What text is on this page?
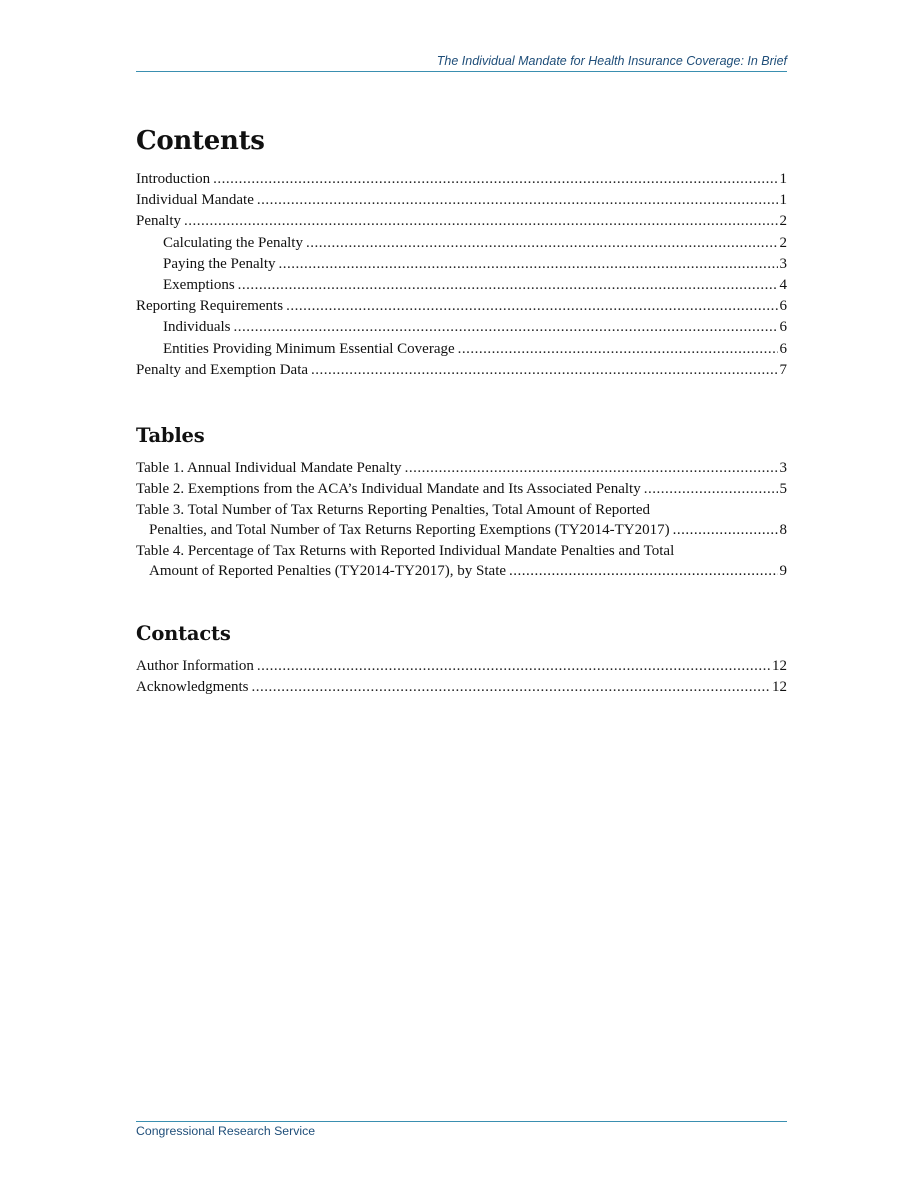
The Individual Mandate for Health Insurance Coverage: In Brief
Contents
Introduction .....	1
Individual Mandate .....	1
Penalty .....	2
Calculating the Penalty .....	2
Paying the Penalty .....	3
Exemptions .....	4
Reporting Requirements .....	6
Individuals .....	6
Entities Providing Minimum Essential Coverage .....	6
Penalty and Exemption Data .....	7
Tables
Table 1. Annual Individual Mandate Penalty .....	3
Table 2. Exemptions from the ACA’s Individual Mandate and Its Associated Penalty .....	5
Table 3. Total Number of Tax Returns Reporting Penalties, Total Amount of Reported
Penalties, and Total Number of Tax Returns Reporting Exemptions (TY2014-TY2017) .....	8
Table 4. Percentage of Tax Returns with Reported Individual Mandate Penalties and Total
Amount of Reported Penalties (TY2014-TY2017), by State .....	9
Contacts
Author Information .....	12
Acknowledgments .....	12
Congressional Research Service
